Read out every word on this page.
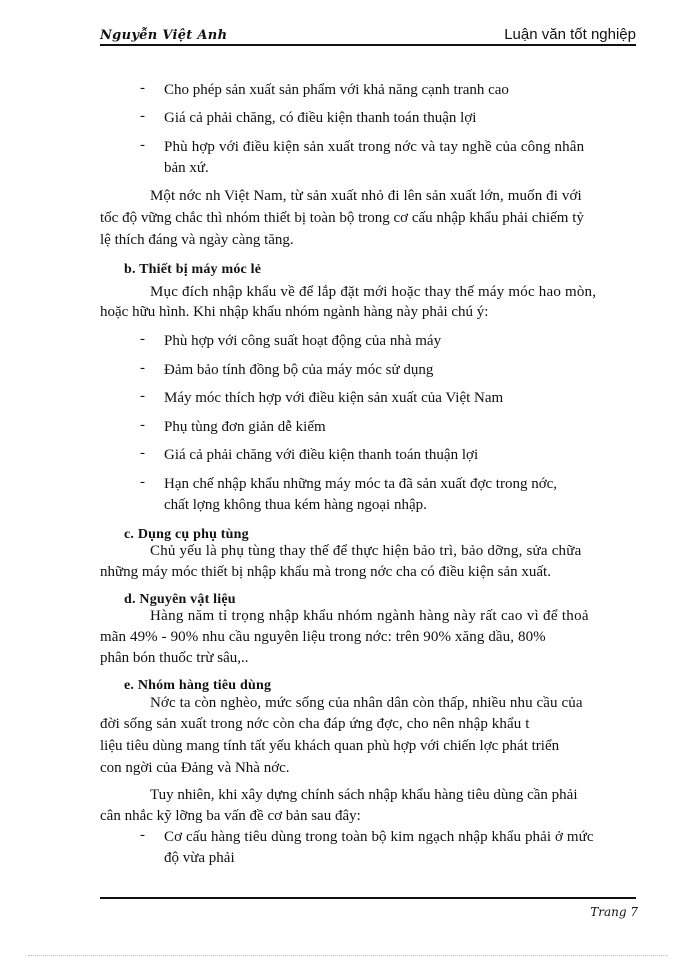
Nguyễn Việt Anh	Luận văn tốt nghiệp
- Cho phép sản xuất sản phẩm với khả năng cạnh tranh cao
- Giá cả phải chăng, có điều kiện thanh toán thuận lợi
- Phù hợp với điều kiện sản xuất trong nớc và tay nghề của công nhân
bản xứ.
Một nớc nh Việt Nam, từ sản xuất nhỏ đi lên sản xuất lớn, muốn đi với
tốc độ vững chắc thì nhóm thiết bị toàn bộ trong cơ cấu nhập khẩu phải chiếm tỷ
lệ thích đáng và ngày càng tăng.
b. Thiết bị máy móc lẻ
Mục đích nhập khẩu về để lắp đặt mới hoặc thay thế máy móc hao mòn,
hoặc hữu hình. Khi nhập khẩu nhóm ngành hàng này phải chú ý:
- Phù hợp với công suất hoạt động của nhà máy
- Đảm bảo tính đồng bộ của máy móc sử dụng
- Máy móc thích hợp với điều kiện sản xuất của Việt Nam
- Phụ tùng đơn giản dễ kiếm
- Giá cả phải chăng với điều kiện thanh toán thuận lợi
- Hạn chế nhập khẩu những máy móc ta đã sản xuất đợc trong nớc,
chất lợng không thua kém hàng ngoại nhập.
c. Dụng cụ phụ tùng
Chủ yếu là phụ tùng thay thế để thực hiện bảo trì, bảo dỡng, sửa chữa
những máy móc thiết bị nhập khẩu mà trong nớc cha có điều kiện sản xuất.
d. Nguyên vật liệu
Hàng năm tỉ trọng nhập khẩu nhóm ngành hàng này rất cao vì để thoả
mãn 49% - 90% nhu cầu nguyên liệu trong nớc: trên 90% xăng dầu, 80%
phân bón thuốc trừ sâu,..
e. Nhóm hàng tiêu dùng
Nớc ta còn nghèo, mức sống của nhân dân còn thấp, nhiều nhu cầu của
đời sống sản xuất trong nớc còn cha đáp ứng đợc, cho nên nhập khẩu t
liệu tiêu dùng mang tính tất yếu khách quan phù hợp với chiến lợc phát triển
con ngời của Đảng và Nhà nớc.
Tuy nhiên, khi xây dựng chính sách nhập khẩu hàng tiêu dùng cần phải
cân nhắc kỹ lỡng ba vấn đề cơ bản sau đây:
- Cơ cấu hàng tiêu dùng trong toàn bộ kim ngạch nhập khẩu phải ở mức
độ vừa phải
Trang 7
